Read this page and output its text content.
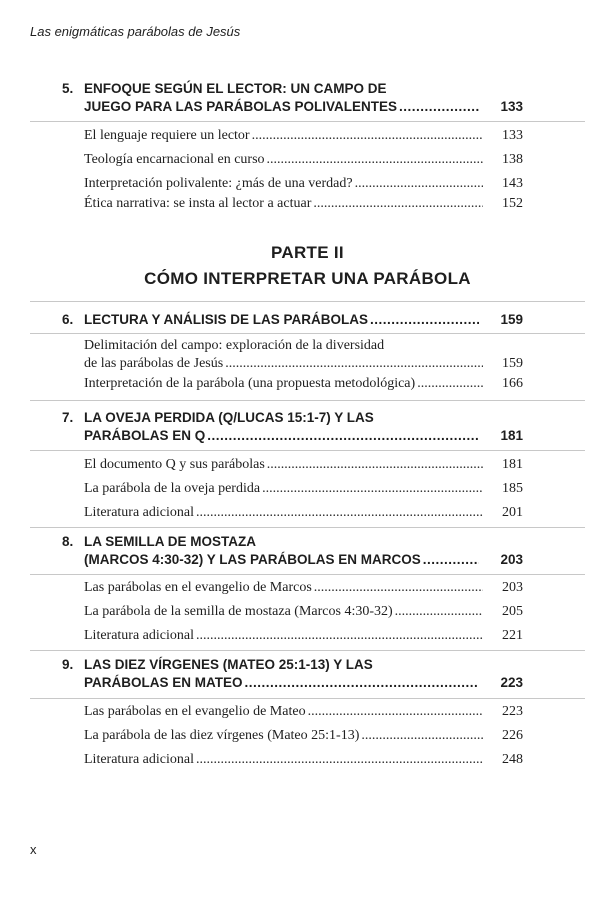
Las enigmáticas parábolas de Jesús
5. ENFOQUE SEGÚN EL LECTOR: UN CAMPO DE
JUEGO PARA LAS PARÁBOLAS POLIVALENTES .....	133
El lenguaje requiere un lector .....	133
Teología encarnacional en curso .....	138
Interpretación polivalente: ¿más de una verdad? .....	143
Ética narrativa: se insta al lector a actuar .....	152
PARTE II
CÓMO INTERPRETAR UNA PARÁBOLA
6. LECTURA Y ANÁLISIS DE LAS PARÁBOLAS .....	159
Delimitación del campo: exploración de la diversidad
de las parábolas de Jesús .....	159
Interpretación de la parábola (una propuesta metodológica) .....	166
7. LA OVEJA PERDIDA (Q/LUCAS 15:1-7) Y LAS
PARÁBOLAS EN Q .....	181
El documento Q y sus parábolas .....	181
La parábola de la oveja perdida .....	185
Literatura adicional .....	201
8. LA SEMILLA DE MOSTAZA
(MARCOS 4:30-32) Y LAS PARÁBOLAS EN MARCOS .....	203
Las parábolas en el evangelio de Marcos .....	203
La parábola de la semilla de mostaza (Marcos 4:30-32) .....	205
Literatura adicional .....	221
9. LAS DIEZ VÍRGENES (MATEO 25:1-13) Y LAS
PARÁBOLAS EN MATEO .....	223
Las parábolas en el evangelio de Mateo .....	223
La parábola de las diez vírgenes (Mateo 25:1-13) .....	226
Literatura adicional .....	248
x
